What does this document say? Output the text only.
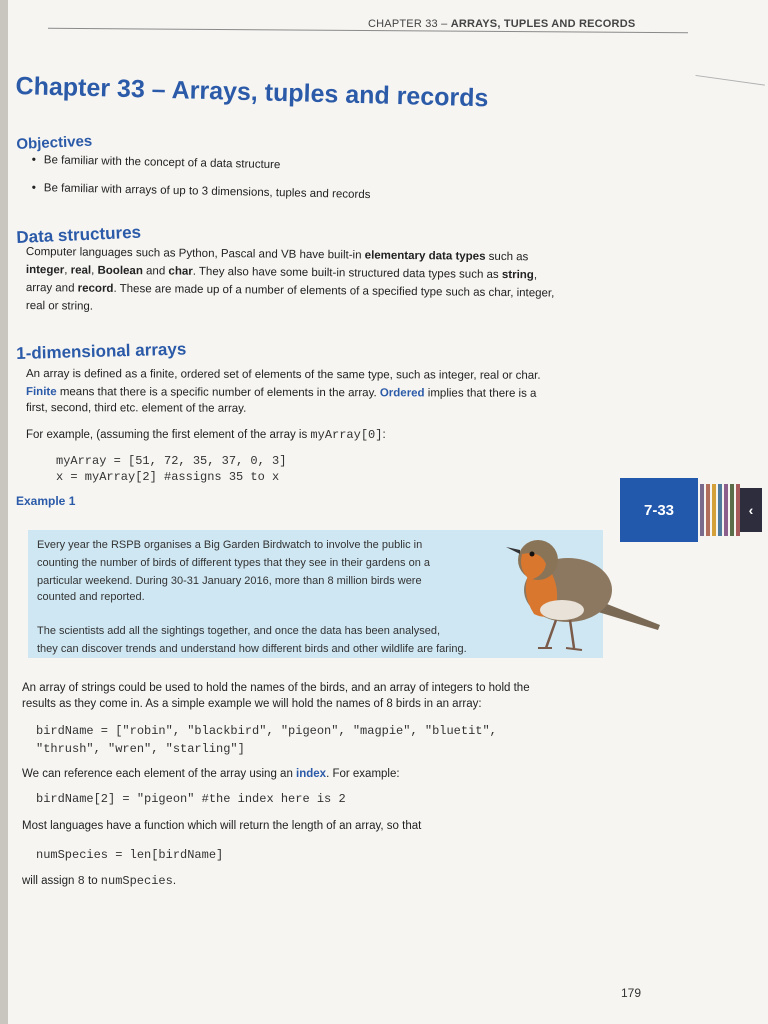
CHAPTER 33 – ARRAYS, TUPLES AND RECORDS
Chapter 33 – Arrays, tuples and records
Objectives
• Be familiar with the concept of a data structure
• Be familiar with arrays of up to 3 dimensions, tuples and records
Data structures
Computer languages such as Python, Pascal and VB have built-in elementary data types such as
integer, real, Boolean and char. They also have some built-in structured data types such as string,
array and record. These are made up of a number of elements of a specified type such as char, integer,
real or string.
1-dimensional arrays
An array is defined as a finite, ordered set of elements of the same type, such as integer, real or char.
Finite means that there is a specific number of elements in the array. Ordered implies that there is a
first, second, third etc. element of the array.
For example, (assuming the first element of the array is myArray[0]:
myArray = [51, 72, 35, 37, 0, 3]
x = myArray[2] #assigns 35 to x
Example 1
Every year the RSPB organises a Big Garden Birdwatch to involve the public in
counting the number of birds of different types that they see in their gardens on a
particular weekend. During 30-31 January 2016, more than 8 million birds were
counted and reported.
The scientists add all the sightings together, and once the data has been analysed,
they can discover trends and understand how different birds and other wildlife are faring.
7-33	‹
An array of strings could be used to hold the names of the birds, and an array of integers to hold the
results as they come in. As a simple example we will hold the names of 8 birds in an array:
birdName = ["robin", "blackbird", "pigeon", "magpie", "bluetit",
"thrush", "wren", "starling"]
We can reference each element of the array using an index. For example:
birdName[2] = "pigeon" #the index here is 2
Most languages have a function which will return the length of an array, so that
numSpecies = len[birdName]
will assign 8 to numSpecies.
179
